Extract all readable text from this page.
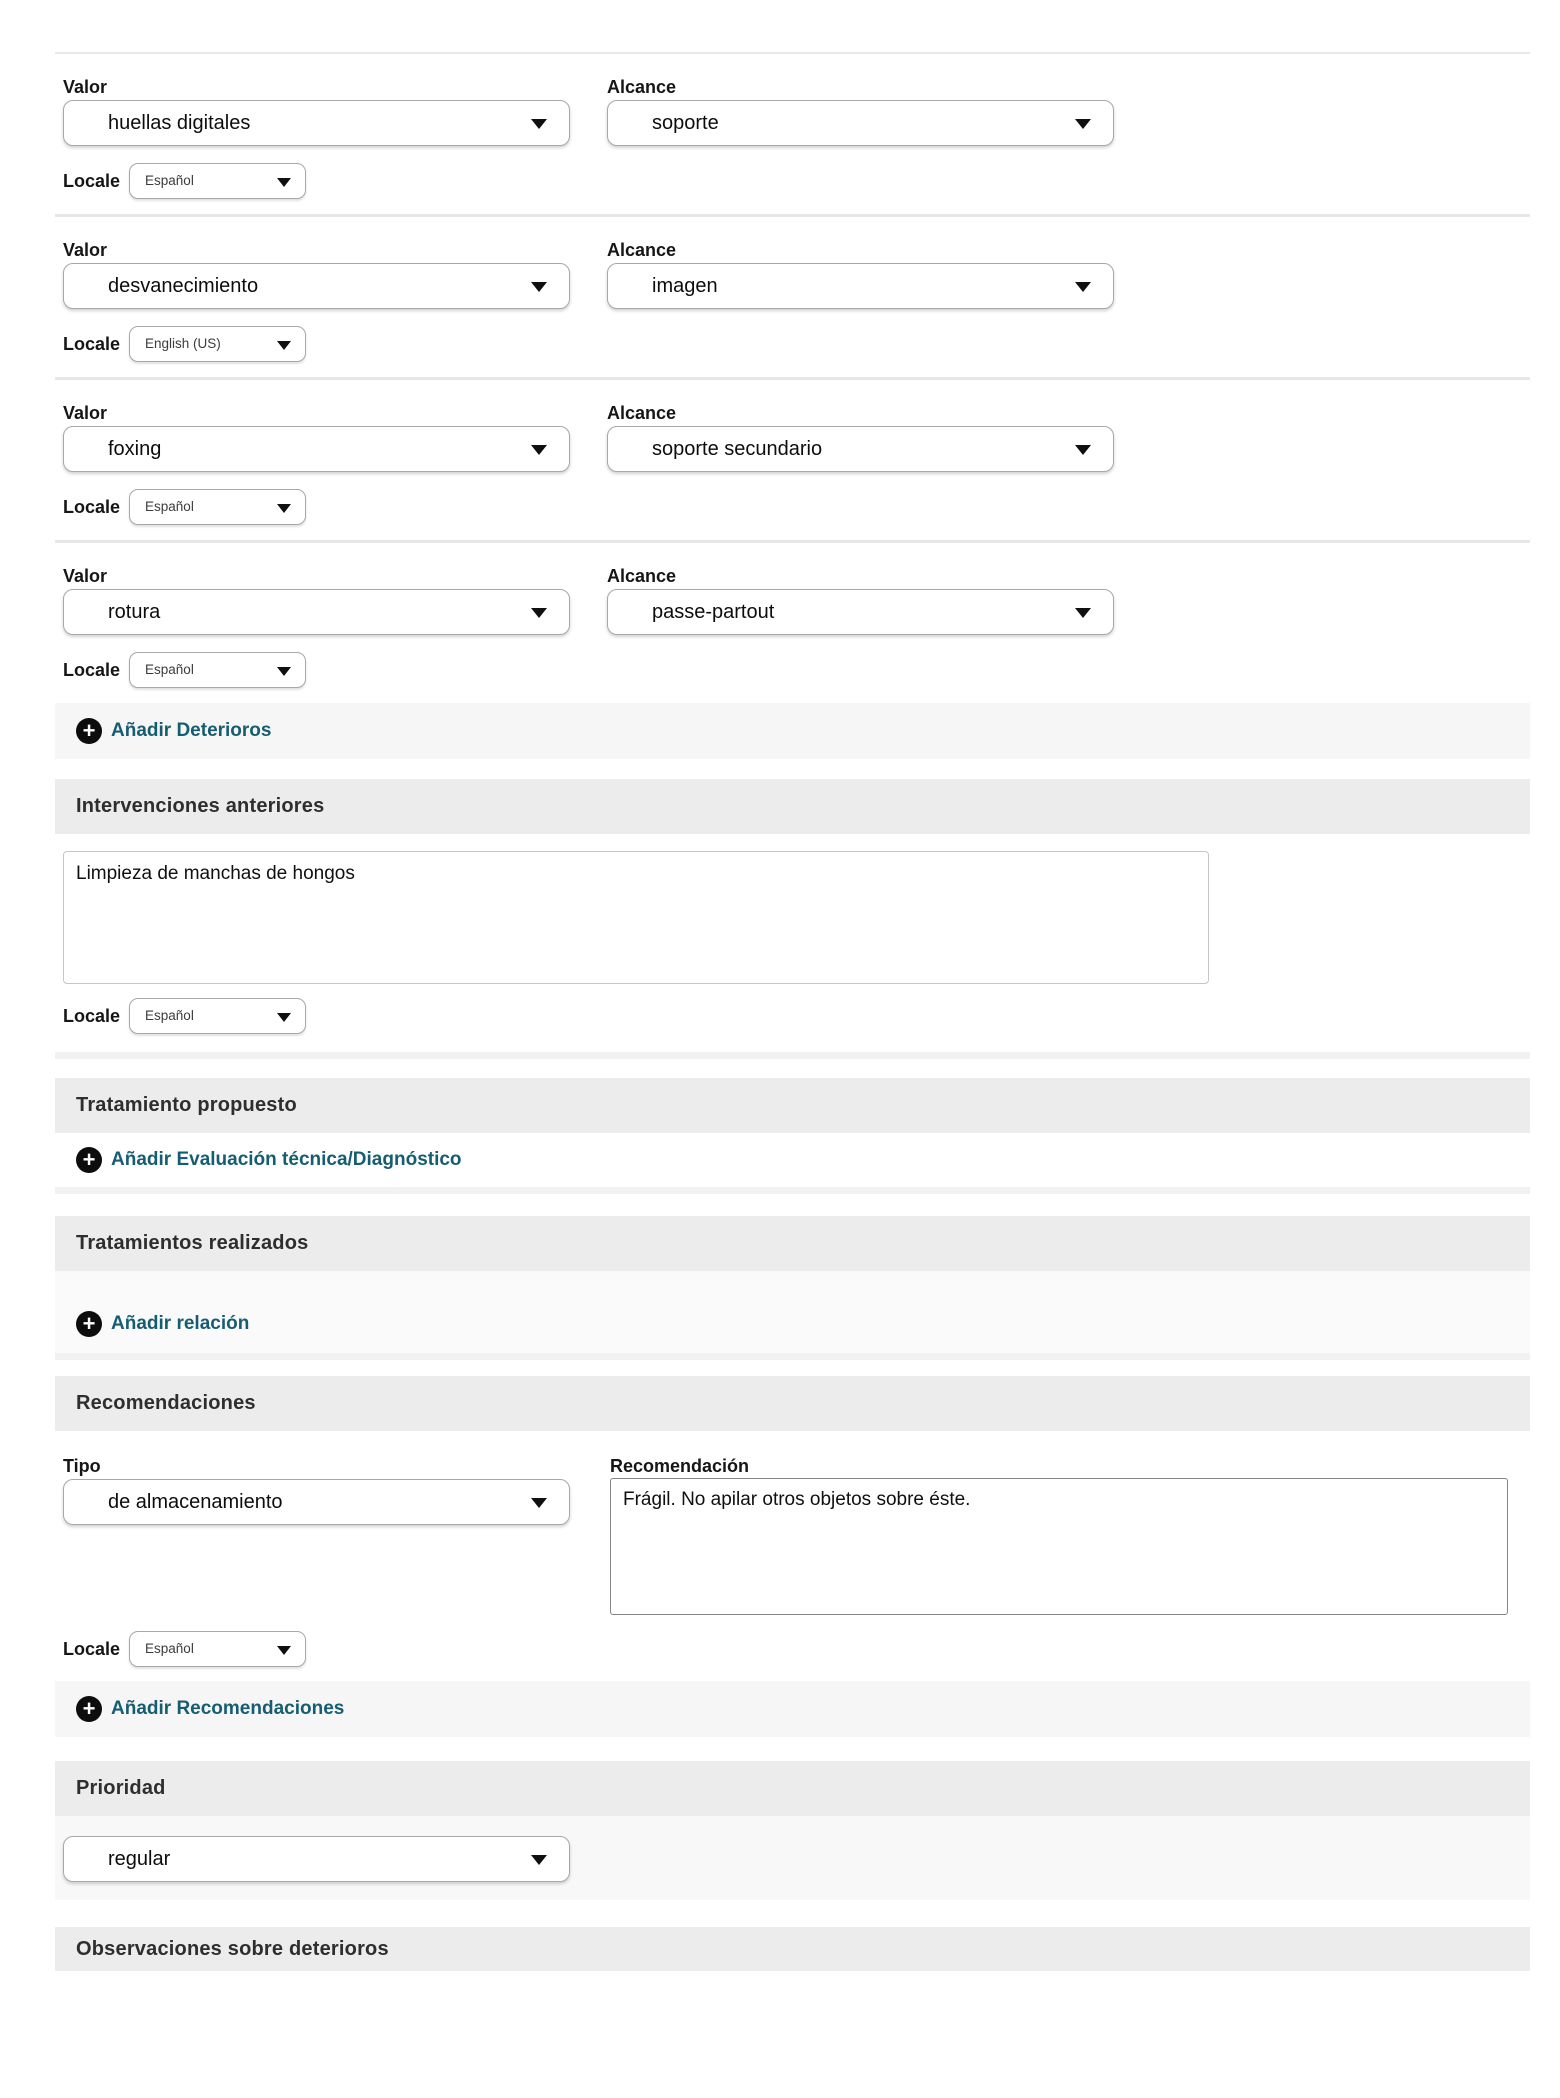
Valor
huellas digitales
Alcance
soporte
Locale Español
Valor
desvanecimiento
Alcance
imagen
Locale English (US)
Valor
foxing
Alcance
soporte secundario
Locale Español
Valor
rotura
Alcance
passe-partout
Locale Español
+ Añadir Deterioros
Intervenciones anteriores
Limpieza de manchas de hongos
Locale Español
Tratamiento propuesto
+ Añadir Evaluación técnica/Diagnóstico
Tratamientos realizados
+ Añadir relación
Recomendaciones
Tipo
de almacenamiento
Recomendación
Frágil. No apilar otros objetos sobre éste.
Locale Español
+ Añadir Recomendaciones
Prioridad
regular
Observaciones sobre deterioros
